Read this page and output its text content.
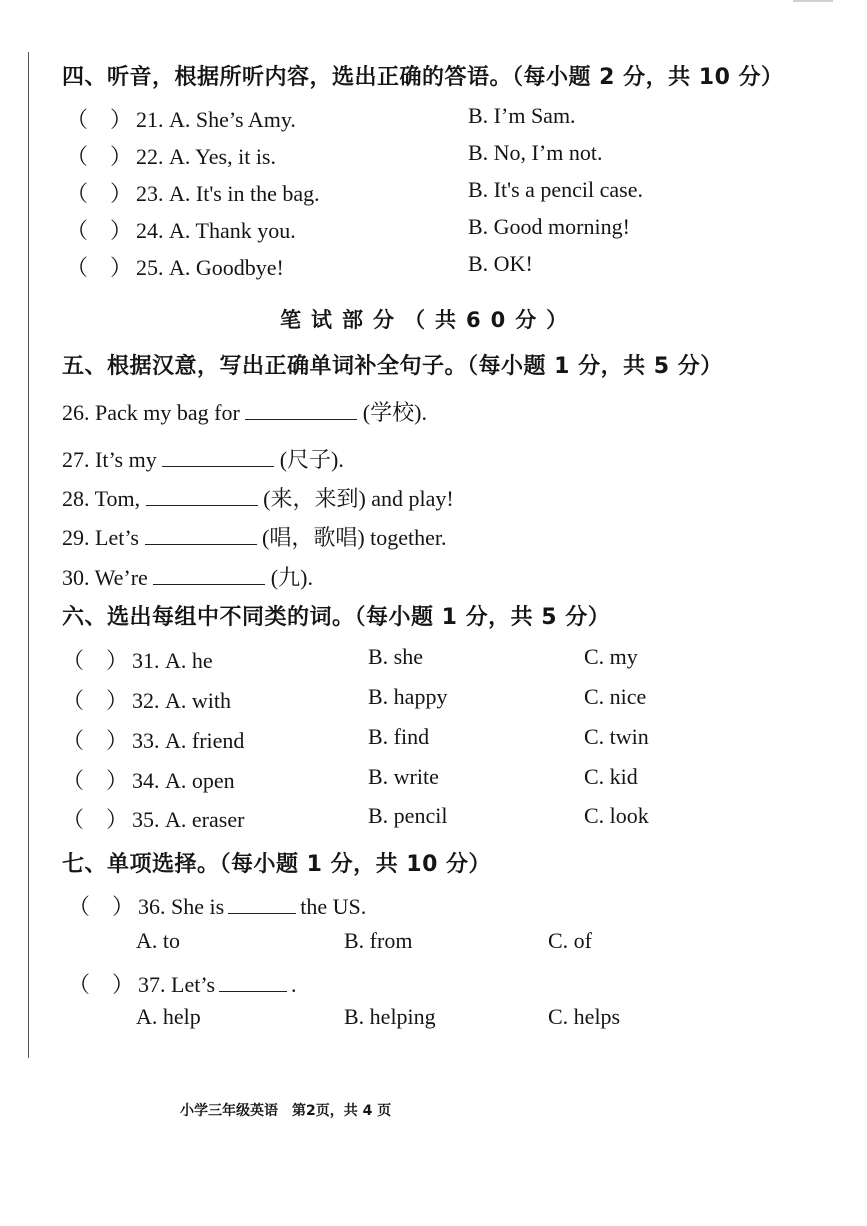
四、听音，根据所听内容，选出正确的答语。（每小题 2 分，共 10 分）
（　） 21. A. She’s Amy.	B. I’m Sam.
（　） 22. A. Yes, it is.	B. No, I’m not.
（　） 23. A. It's in the bag.	B. It's a pencil case.
（　） 24. A. Thank you.	B. Good morning!
（　） 25. A. Goodbye!	B. OK!
笔试部分（共60分）
五、根据汉意，写出正确单词补全句子。（每小题 1 分，共 5 分）
26. Pack my bag for	(学校).
27. It’s my	(尺子).
28. Tom,	(来，来到) and play!
29. Let’s	(唱，歌唱) together.
30. We’re	(九).
六、选出每组中不同类的词。（每小题 1 分，共 5 分）
（　） 31. A. he	B. she	C. my
（　） 32. A. with	B. happy	C. nice
（　） 33. A. friend	B. find	C. twin
（　） 34. A. open	B. write	C. kid
（　） 35. A. eraser	B. pencil	C. look
七、单项选择。（每小题 1 分，共 10 分）
（　） 36. She is	the US.
A. to	B. from	C. of
（　） 37. Let’s	.
A. help	B. helping	C. helps
小学三年级英语　第2页，共 4 页
